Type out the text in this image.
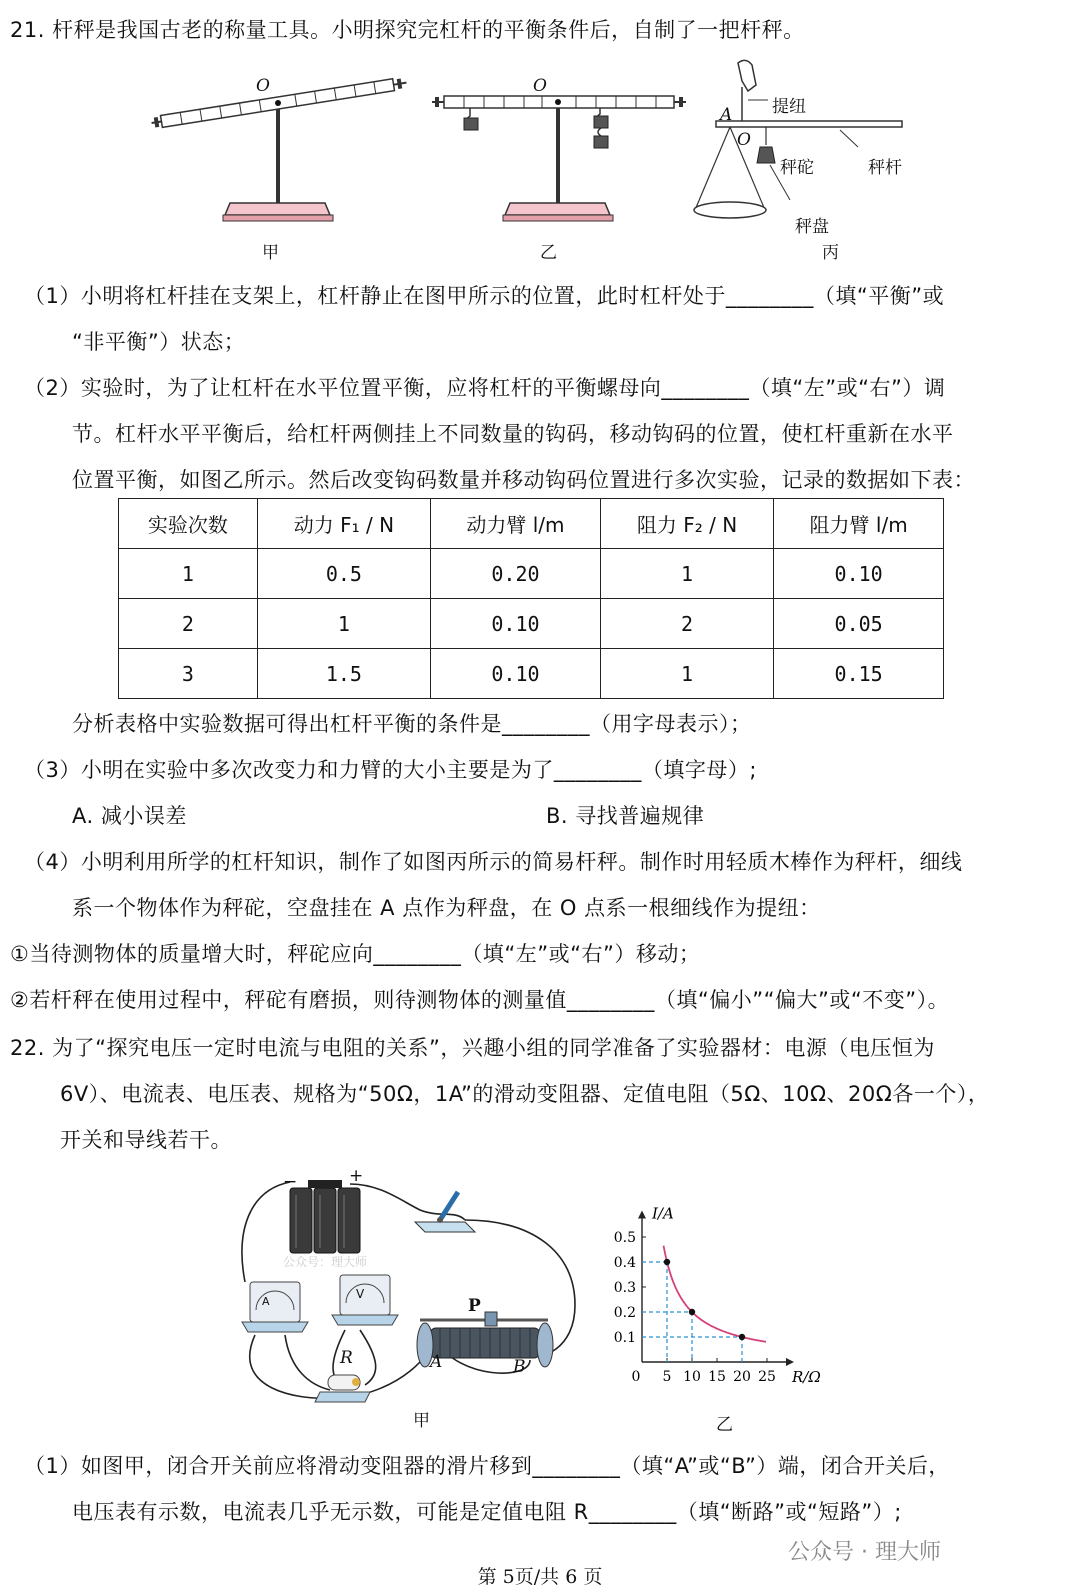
21. 杆秤是我国古老的称量工具。小明探究完杠杆的平衡条件后，自制了一把杆秤。
O
甲
O
乙
A
O
提纽
秤砣	秤杆
秤盘
丙
（1）小明将杠杆挂在支架上，杠杆静止在图甲所示的位置，此时杠杆处于________（填“平衡”或
“非平衡”）状态；
（2）实验时，为了让杠杆在水平位置平衡，应将杠杆的平衡螺母向________（填“左”或“右”）调
节。杠杆水平平衡后，给杠杆两侧挂上不同数量的钩码，移动钩码的位置，使杠杆重新在水平
位置平衡，如图乙所示。然后改变钩码数量并移动钩码位置进行多次实验，记录的数据如下表：
实验次数	动力 F₁ / N	动力臂 l/m	阻力 F₂ / N	阻力臂 l/m
1	0.5	0.20	1	0.10
2	1	0.10	2	0.05
3	1.5	0.10	1	0.15
分析表格中实验数据可得出杠杆平衡的条件是________（用字母表示）；
（3）小明在实验中多次改变力和力臂的大小主要是为了________（填字母）;
A. 减小误差	B. 寻找普遍规律
（4）小明利用所学的杠杆知识，制作了如图丙所示的简易杆秤。制作时用轻质木棒作为秤杆，细线
系一个物体作为秤砣，空盘挂在 A 点作为秤盘，在 O 点系一根细线作为提纽：
①当待测物体的质量增大时，秤砣应向________（填“左”或“右”）移动；
②若杆秤在使用过程中，秤砣有磨损，则待测物体的测量值________（填“偏小”“偏大”或“不变”）。
22. 为了“探究电压一定时电流与电阻的关系”，兴趣小组的同学准备了实验器材：电源（电压恒为
6V）、电流表、电压表、规格为“50Ω，1A”的滑动变阻器、定值电阻（5Ω、10Ω、20Ω各一个），
开关和导线若干。
−	+
公众号：理大师
A
V
P
A	B
R
甲
0 5 10 15 20 25
0.1
0.2
0.3
0.4
0.5
R/Ω
I/A
乙
（1）如图甲，闭合开关前应将滑动变阻器的滑片移到________（填“A”或“B”）端，闭合开关后，
电压表有示数，电流表几乎无示数，可能是定值电阻 R________（填“断路”或“短路”）;
第 5页/共 6 页
公众号 · 理大师
